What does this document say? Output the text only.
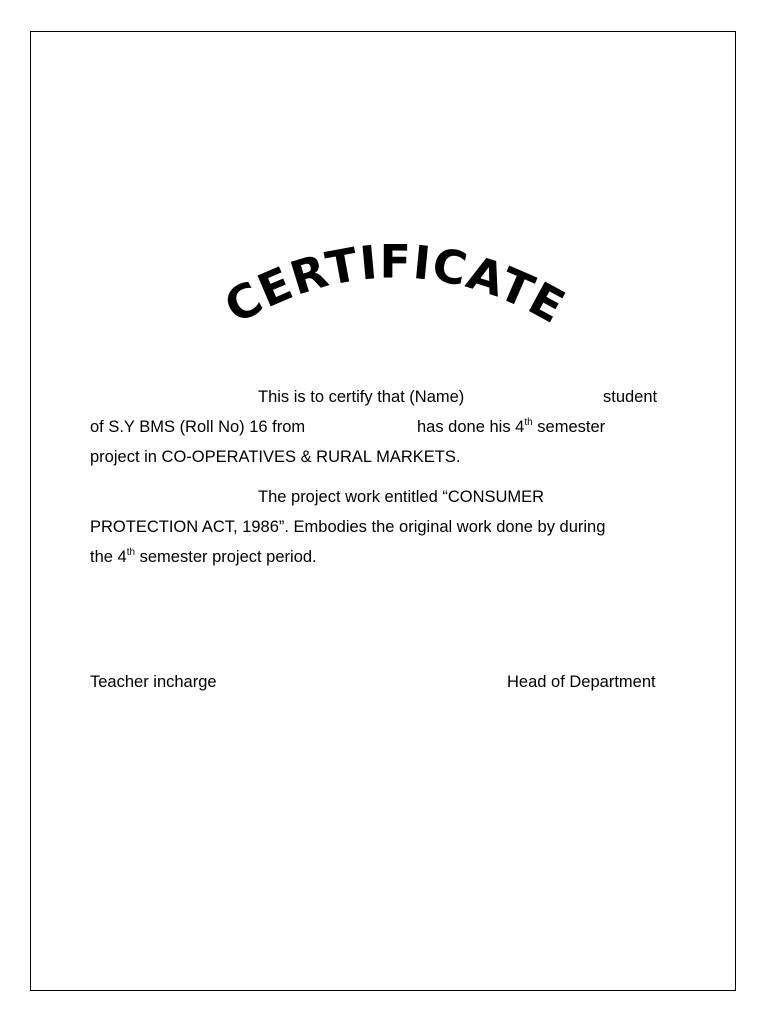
CERTIFICATE
This is to certify that (Name)	student
of S.Y BMS (Roll No) 16 from	has done his 4th semester
project in CO-OPERATIVES & RURAL MARKETS.
The project work entitled “CONSUMER
PROTECTION ACT, 1986”. Embodies the original work done by during
the 4th semester project period.
Teacher incharge	Head of Department
